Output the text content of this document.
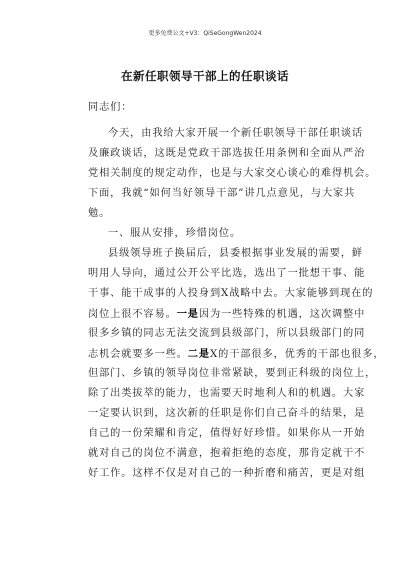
更多免费公文+V3：QiSeGongWen2024
在新任职领导干部上的任职谈话
同志们：
今天，由我给大家开展一个新任职领导干部任职谈话
及廉政谈话，这既是党政干部选拔任用条例和全面从严治
党相关制度的规定动作，也是与大家交心谈心的难得机会。
下面，我就“如何当好领导干部”讲几点意见，与大家共
勉。
一、服从安排，珍惜岗位。
县级领导班子换届后，县委根据事业发展的需要，鲜
明用人导向，通过公开公平比选，选出了一批想干事、能
干事、能干成事的人投身到X战略中去。大家能够到现在的
岗位上很不容易。一是因为一些特殊的机遇，这次调整中
很多乡镇的同志无法交流到县级部门，所以县级部门的同
志机会就要多一些。二是X的干部很多，优秀的干部也很多，
但部门、乡镇的领导岗位非常紧缺，要到正科级的岗位上，
除了出类拔萃的能力，也需要天时地利人和的机遇。大家
一定要认识到，这次新的任职是你们自己奋斗的结果，是
自己的一份荣耀和肯定，值得好好珍惜。如果你从一开始
就对自己的岗位不满意，抱着拒绝的态度，那肯定就干不
好工作。这样不仅是对自己的一种折磨和痛苦，更是对组
